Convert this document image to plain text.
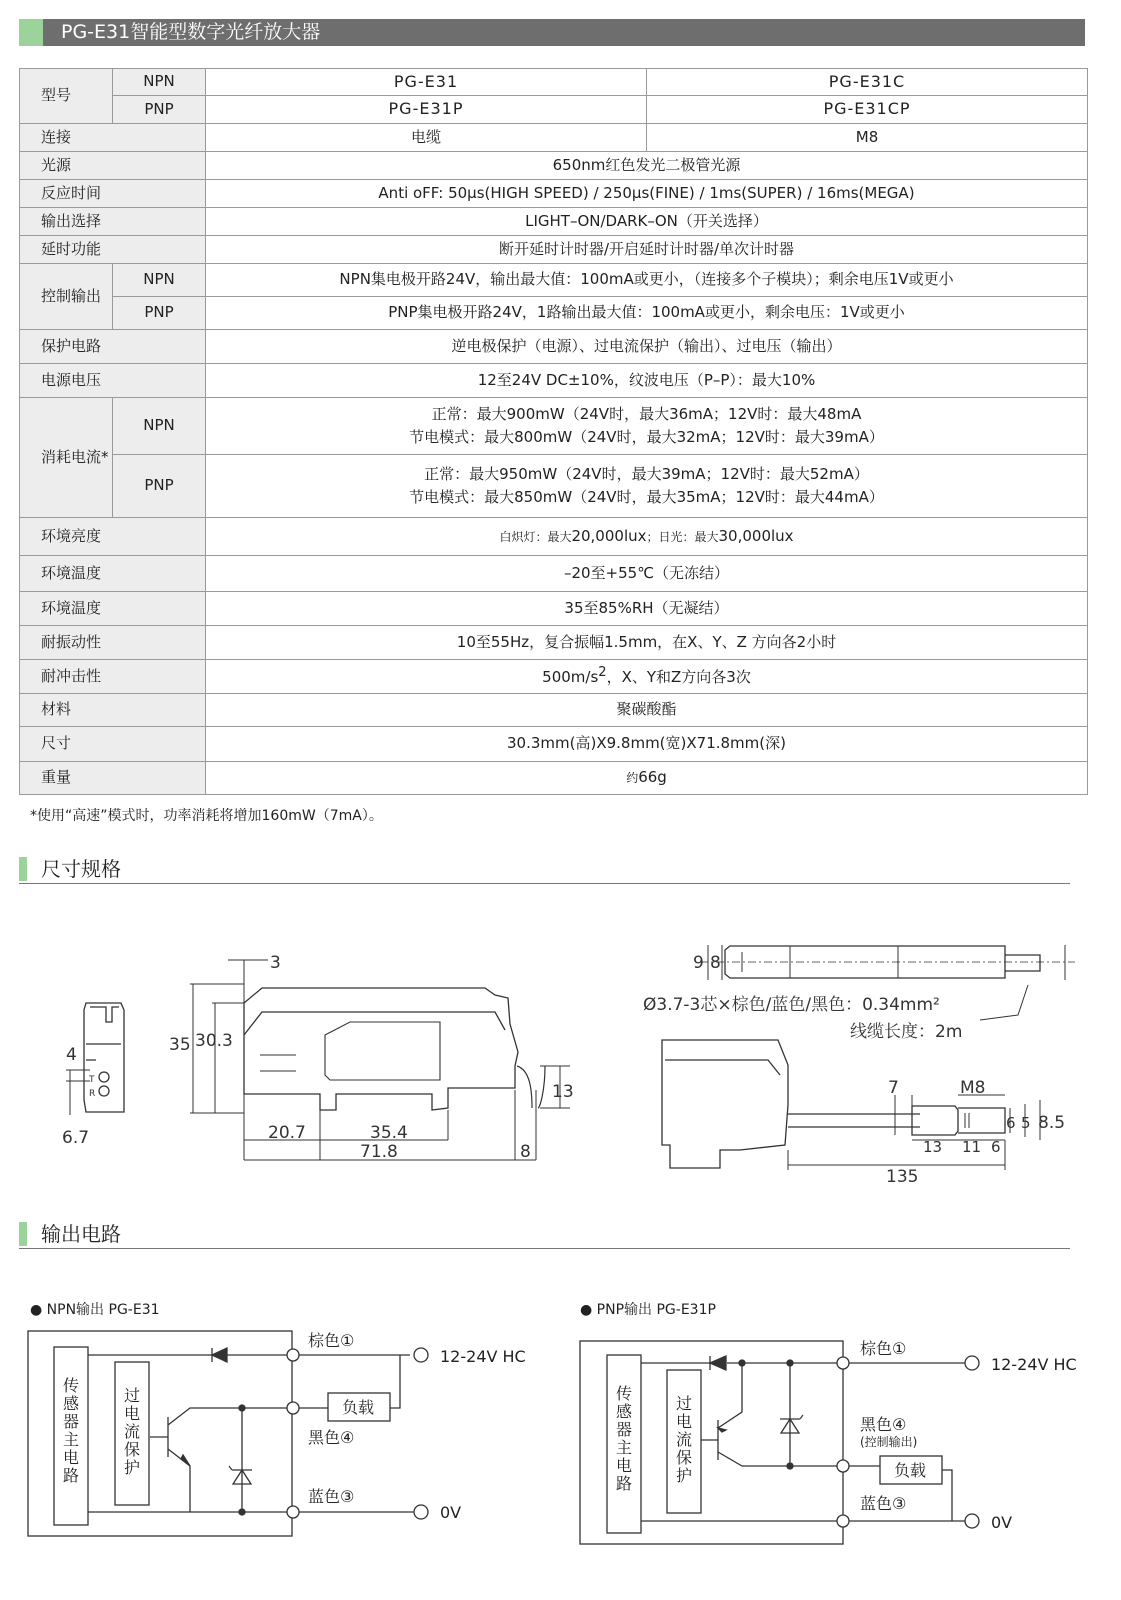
PG-E31智能型数字光纤放大器
型号	NPN	PG-E31	PG-E31C
	PNP	PG-E31P	PG-E31CP
连接		电缆	M8
光源		650nm红色发光二极管光源	
反应时间		Anti oFF: 50μs(HIGH SPEED) / 250μs(FINE) / 1ms(SUPER) / 16ms(MEGA)	
输出选择		LIGHT–ON/DARK–ON（开关选择）	
延时功能		断开延时计时器/开启延时计时器/单次计时器	
控制输出	NPN	NPN集电极开路24V，输出最大值：100mA或更小，（连接多个子模块）；剩余电压1V或更小	
	PNP	PNP集电极开路24V，1路输出最大值：100mA或更小，剩余电压：1V或更小	
保护电路		逆电极保护（电源）、过电流保护（输出）、过电压（输出）	
电源电压		12至24V DC±10%，纹波电压（P–P）：最大10%	
消耗电流*	NPN	正常：最大900mW（24V时，最大36mA；12V时：最大48mA
节电模式：最大800mW（24V时，最大32mA；12V时：最大39mA）	

	PNP	正常：最大950mW（24V时，最大39mA；12V时：最大52mA）
节电模式：最大850mW（24V时，最大35mA；12V时：最大44mA）	

环境亮度		白炽灯：最大20,000lux；日光：最大30,000lux	
环境温度		–20至+55℃（无冻结）	
环境温度		35至85%RH（无凝结）	
耐振动性		10至55Hz，复合振幅1.5mm，在X、Y、Z 方向各2小时	
耐冲击性		$500m/s^2$，X、Y和Z方向各3次	
材料		聚碳酸酯	
尺寸		30.3mm(高)X9.8mm(宽)X71.8mm(深)	
重量		约66g	
*使用“高速”模式时，功率消耗将增加160mW（7mA）。
尺寸规格
T
R
3
35 30.3
4
6.7	20.7	35.4
71.8	8
13
9 8
Ø3.7-3芯×棕色/蓝色/黑色：0.34mm²
线缆长度：2m
7	M8
13 11 6
6 5 8.5
135
传
感
器
主
电
路
过
电
流
保
护
棕色①
黑色④
蓝色③
负载
12-24V HC
0V
传
感
器
主
电
路
过
电
流
保
护
棕色①
黑色④
(控制输出)
蓝色③
负载
12-24V HC
0V
输出电路
● NPN输出 PG-E31	● PNP输出 PG-E31P
